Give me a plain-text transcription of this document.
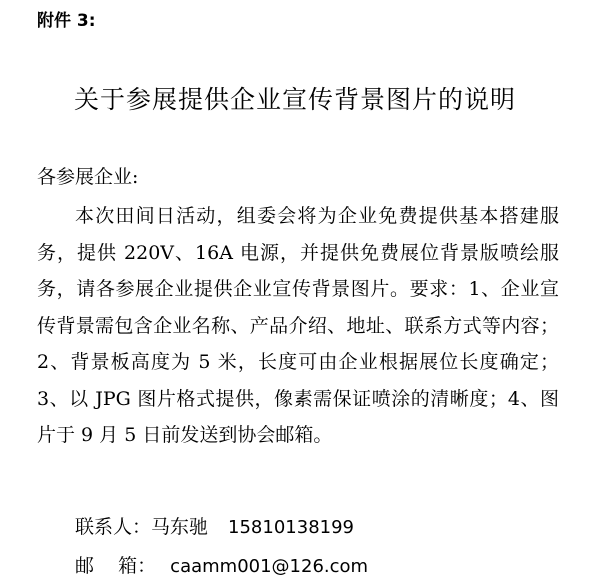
附件 3:
关于参展提供企业宣传背景图片的说明
各参展企业:

本次田间日活动，组委会将为企业免费提供基本搭建服务，提供 220V、16A 电源，并提供免费展位背景版喷绘服务，请各参展企业提供企业宣传背景图片。要求：1、企业宣传背景需包含企业名称、产品介绍、地址、联系方式等内容；2、背景板高度为 5 米，长度可由企业根据展位长度确定；3、以 JPG 图片格式提供，像素需保证喷涂的清晰度；4、图片于 9 月 5 日前发送到协会邮箱。

联系人：马东驰 15810138199
邮    箱： caamm001@126.com
